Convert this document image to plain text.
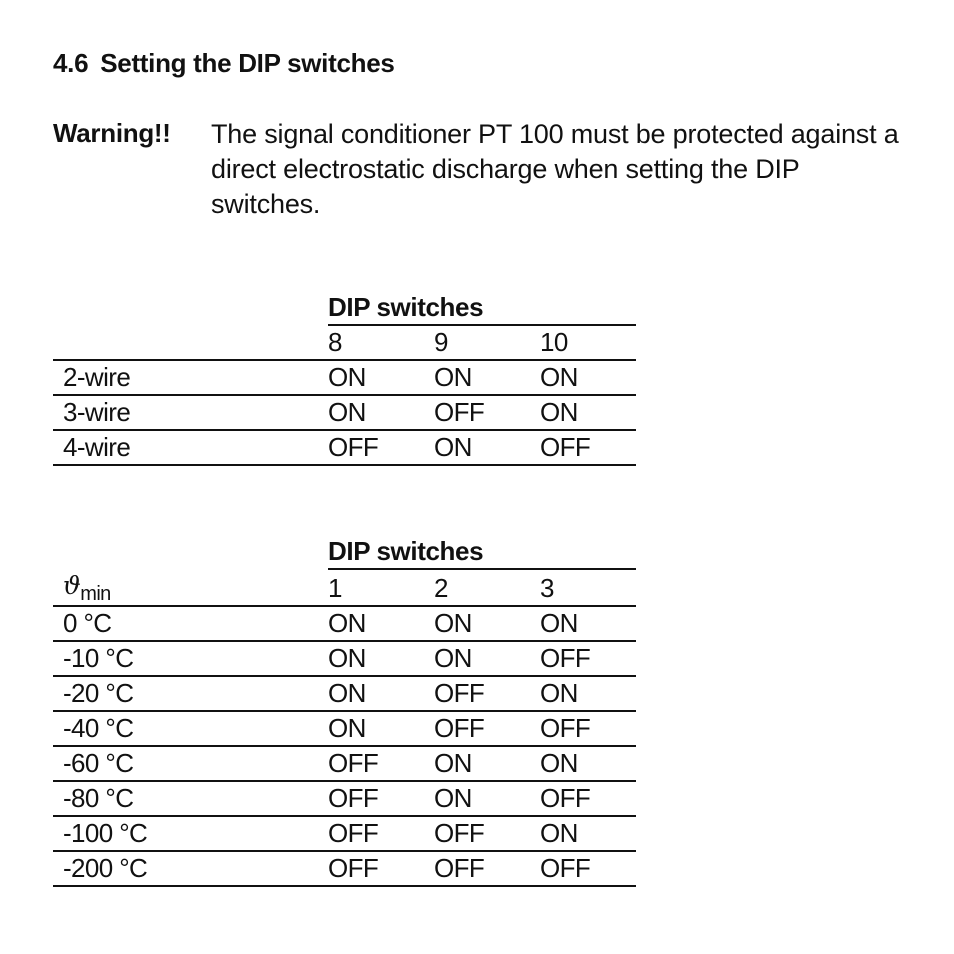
4.6 Setting the DIP switches
Warning!! The signal conditioner PT 100 must be protected against a direct electrostatic discharge when setting the DIP switches.
	DIP switches		
	8	9	10
2-wire	ON	ON	ON
3-wire	ON	OFF	ON
4-wire	OFF	ON	OFF
	DIP switches		
$ϑ_{min}$	1	2	3
0 °C	ON	ON	ON
-10 °C	ON	ON	OFF
-20 °C	ON	OFF	ON
-40 °C	ON	OFF	OFF
-60 °C	OFF	ON	ON
-80 °C	OFF	ON	OFF
-100 °C	OFF	OFF	ON
-200 °C	OFF	OFF	OFF
